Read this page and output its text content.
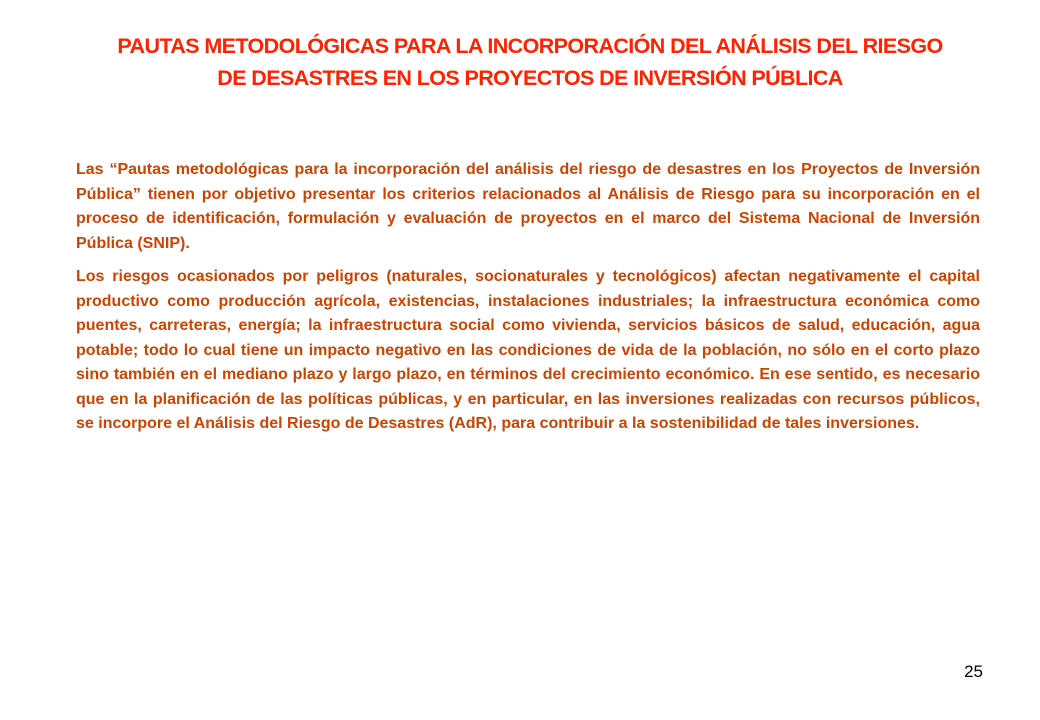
PAUTAS METODOLÓGICAS PARA LA INCORPORACIÓN DEL ANÁLISIS DEL RIESGO
DE DESASTRES EN LOS PROYECTOS DE INVERSIÓN PÚBLICA

Las “Pautas metodológicas para la incorporación del análisis del riesgo de desastres en los Proyectos de Inversión Pública” tienen por objetivo presentar los criterios relacionados al Análisis de Riesgo para su incorporación en el proceso de identificación, formulación y evaluación de proyectos en el marco del Sistema Nacional de Inversión Pública (SNIP).

Los riesgos ocasionados por peligros (naturales, socionaturales y tecnológicos) afectan negativamente el capital productivo como producción agrícola, existencias, instalaciones industriales; la infraestructura económica como puentes, carreteras, energía; la infraestructura social como vivienda, servicios básicos de salud, educación, agua potable; todo lo cual tiene un impacto negativo en las condiciones de vida de la población, no sólo en el corto plazo sino también en el mediano plazo y largo plazo, en términos del crecimiento económico. En ese sentido, es necesario que en la planificación de las políticas públicas, y en particular, en las inversiones realizadas con recursos públicos, se incorpore el Análisis del Riesgo de Desastres (AdR), para contribuir a la sostenibilidad de tales inversiones.

25
